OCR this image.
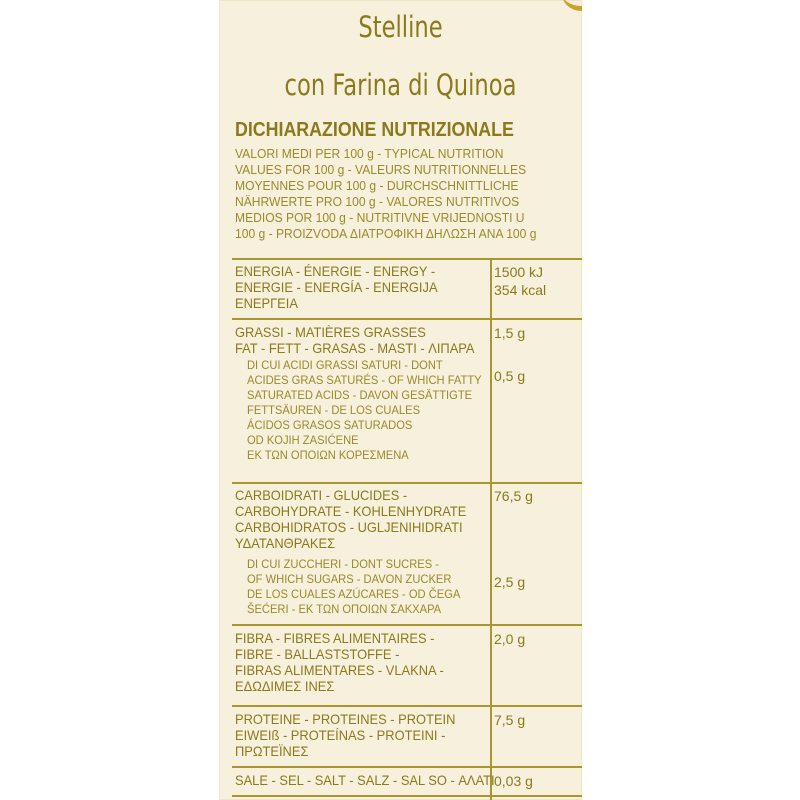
Stelline
con Farina di Quinoa
DICHIARAZIONE NUTRIZIONALE
VALORI MEDI PER 100 g - TYPICAL NUTRITION
VALUES FOR 100 g - VALEURS NUTRITIONNELLES
MOYENNES POUR 100 g - DURCHSCHNITTLICHE
NÄHRWERTE PRO 100 g - VALORES NUTRITIVOS
MEDIOS POR 100 g - NUTRITIVNE VRIJEDNOSTI U
100 g - PROIZVODA ΔΙΑΤΡΟΦΙΚΗ ΔΗΛΩΣΗ ΑΝΑ 100 g
ENERGIA - ÉNERGIE - ENERGY -
ENERGIE - ENERGÍA - ENERGIJA
ΕΝΕΡΓΕΙΑ
1500 kJ
354 kcal
GRASSI - MATIÈRES GRASSES
FAT - FETT - GRASAS - MASTI - ΛΙΠΑΡΑ
1,5 g
DI CUI ACIDI GRASSI SATURI - DONT
ACIDES GRAS SATURÉS - OF WHICH FATTY
SATURATED ACIDS - DAVON GESÄTTIGTE
FETTSÄUREN - DE LOS CUALES
ÁCIDOS GRASOS SATURADOS
OD KOJIH ZASIĆENE
ΕΚ ΤΩΝ ΟΠΟΙΩΝ ΚΟΡΕΣΜΕΝΑ
0,5 g
CARBOIDRATI - GLUCIDES -
CARBOHYDRATE - KOHLENHYDRATE
CARBOHIDRATOS - UGLJENIHIDRATI
ΥΔΑΤΑΝΘΡΑΚΕΣ
76,5 g
DI CUI ZUCCHERI - DONT SUCRES -
OF WHICH SUGARS - DAVON ZUCKER
DE LOS CUALES AZÚCARES - OD ČEGA
ŠEĆERI - ΕΚ ΤΩΝ ΟΠΟΙΩΝ ΣΑΚΧΑΡΑ
2,5 g
FIBRA - FIBRES ALIMENTAIRES -
FIBRE - BALLASTSTOFFE -
FIBRAS ALIMENTARES - VLAKNA -
ΕΔΩΔΙΜΕΣ ΙΝΕΣ
2,0 g
PROTEINE - PROTEINES - PROTEIN
EIWEIß - PROTEÍNAS - PROTEINI -
ΠΡΩΤΕΪΝΕΣ
7,5 g
SALE - SEL - SALT - SALZ - SAL SO - ΑΛΑΤΙ 0,03 g
